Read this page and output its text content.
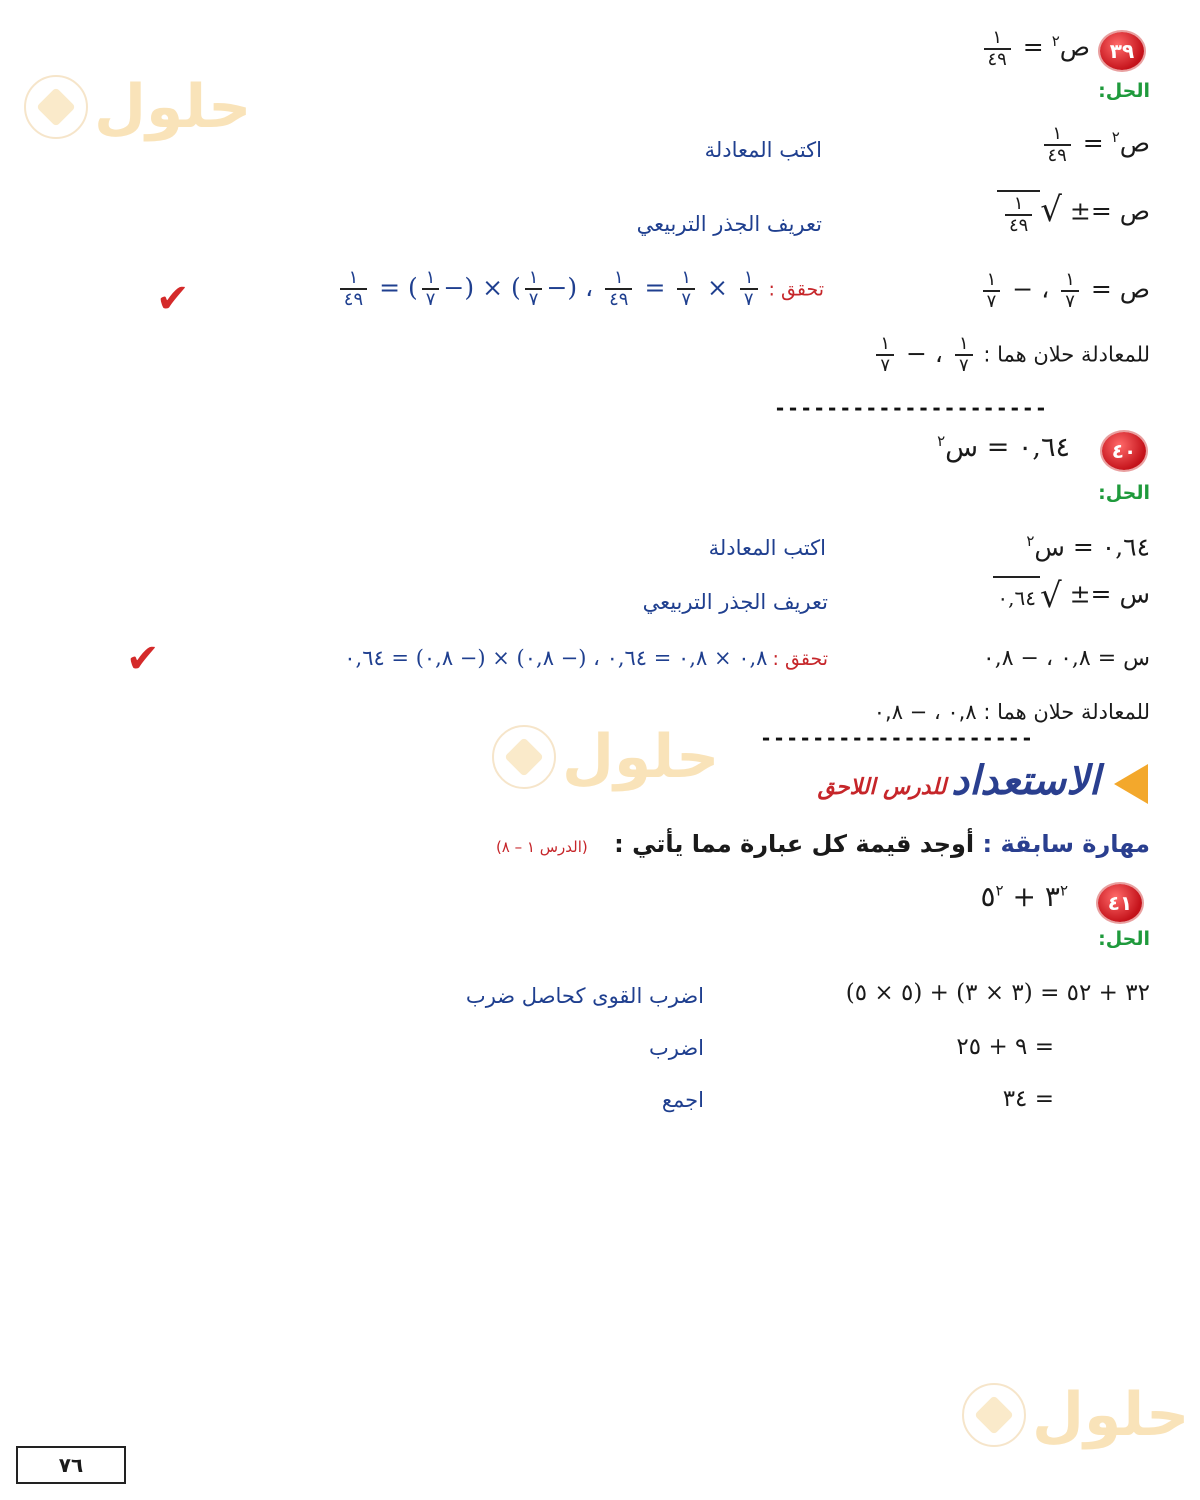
حلول
حلول
حلول
٣٩
ص$^٢$ =
$\frac{١}{٤٩}$
الحل:
ص$^٢$ =
$\frac{١}{٤٩}$
اكتب المعادلة
ص =±
√
$\frac{١}{٤٩}$
تعريف الجذر التربيعي
ص =
$\frac{١}{٧}$
، −
$\frac{١}{٧}$
تحقق :
$\frac{١}{٧}$
×
$\frac{١}{٧}$
=
$\frac{١}{٤٩}$
، (−
$\frac{١}{٧}$
) × (−
$\frac{١}{٧}$
) =
$\frac{١}{٤٩}$
✔
للمعادلة حلان هما :
$\frac{١}{٧}$
، −
$\frac{١}{٧}$
---------------------
٤٠
٠,٦٤ = س$^٢$
الحل:
٠,٦٤ = س$^٢$
اكتب المعادلة
س =±
√
٠,٦٤
تعريف الجذر التربيعي
س = ٠,٨ ، − ٠,٨
تحقق : ٠,٨ × ٠,٨ = ٠,٦٤ ، (− ٠,٨) × (− ٠,٨) = ٠,٦٤
✔
للمعادلة حلان هما : ٠,٨ ، − ٠,٨
---------------------
الاستعداد للدرس اللاحق
مهارة سابقة : أوجد قيمة كل عبارة مما يأتي : (الدرس ١ – ٨)
٤١
$٣^٢$ + $٥^٢$
الحل:
٣٢ + ٥٢ = (٣ × ٣) + (٥ × ٥)
اضرب القوى كحاصل ضرب
= ٩ + ٢٥
اضرب
= ٣٤
اجمع
٧٦
